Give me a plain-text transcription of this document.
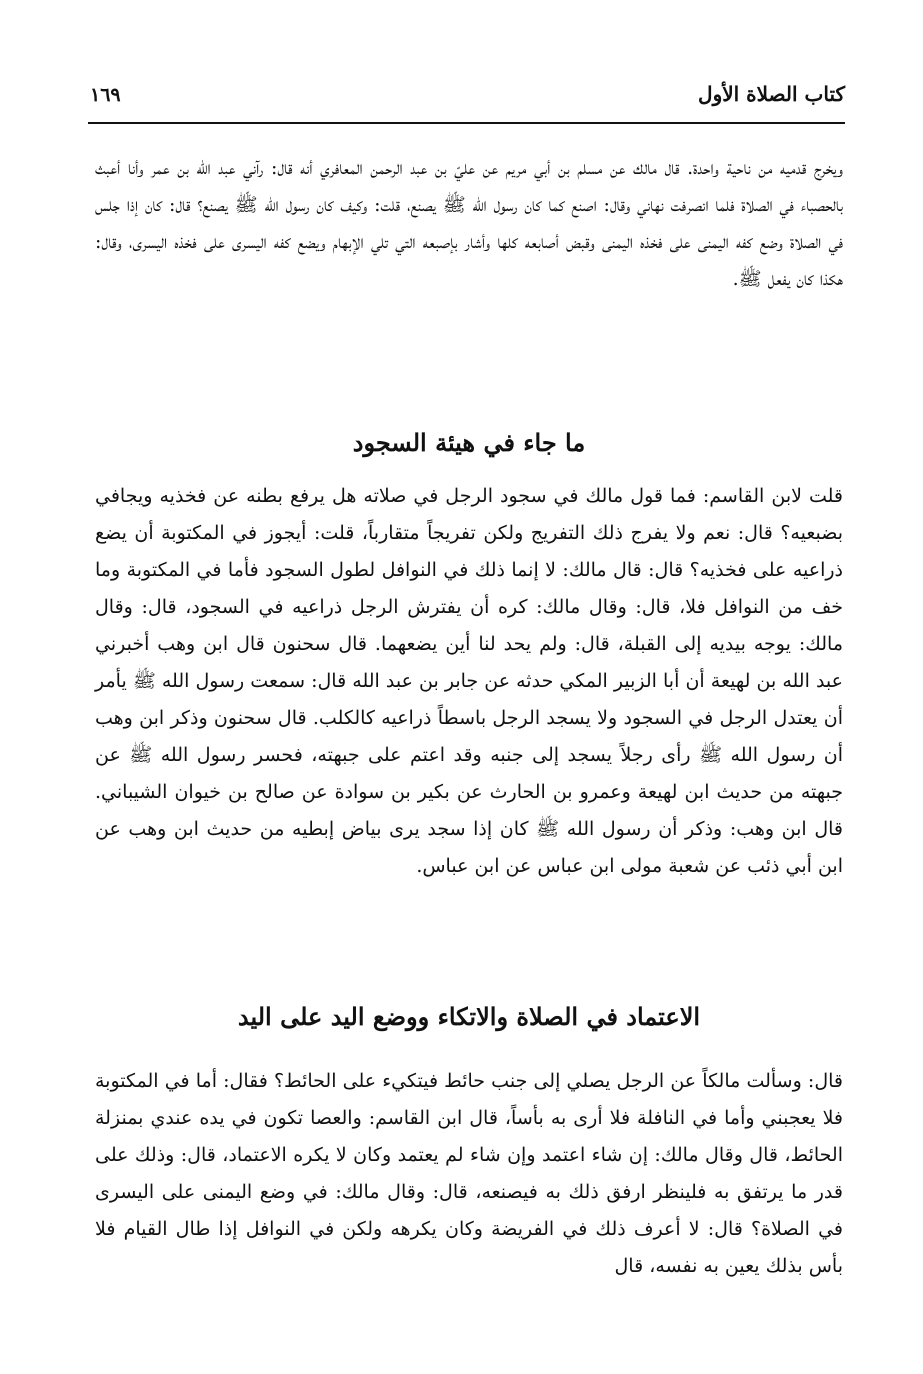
كتاب الصلاة الأول
١٦٩

ويخرج قدميه من ناحية واحدة. قال مالك عن مسلم بن أبي مريم عن عليّ بن عبد الرحمن المعافري أنه قال: رآني عبد الله بن عمر وأنا أعبث بالحصباء في الصلاة فلما انصرفت نهاني وقال: اصنع كما كان رسول الله ﷺ يصنع، قلت: وكيف كان رسول الله ﷺ يصنع؟ قال: كان إذا جلس في الصلاة وضع كفه اليمنى على فخذه اليمنى وقبض أصابعه كلها وأشار بإصبعه التي تلي الإبهام ويضع كفه اليسرى على فخذه اليسرى، وقال: هكذا كان يفعل ﷺ.

ما جاء في هيئة السجود

قلت لابن القاسم: فما قول مالك في سجود الرجل في صلاته هل يرفع بطنه عن فخذيه ويجافي بضبعيه؟ قال: نعم ولا يفرج ذلك التفريج ولكن تفريجاً متقارباً، قلت: أيجوز في المكتوبة أن يضع ذراعيه على فخذيه؟ قال: قال مالك: لا إنما ذلك في النوافل لطول السجود فأما في المكتوبة وما خف من النوافل فلا، قال: وقال مالك: كره أن يفترش الرجل ذراعيه في السجود، قال: وقال مالك: يوجه بيديه إلى القبلة، قال: ولم يحد لنا أين يضعهما. قال سحنون قال ابن وهب أخبرني عبد الله بن لهيعة أن أبا الزبير المكي حدثه عن جابر بن عبد الله قال: سمعت رسول الله ﷺ يأمر أن يعتدل الرجل في السجود ولا يسجد الرجل باسطاً ذراعيه كالكلب. قال سحنون وذكر ابن وهب أن رسول الله ﷺ رأى رجلاً يسجد إلى جنبه وقد اعتم على جبهته، فحسر رسول الله ﷺ عن جبهته من حديث ابن لهيعة وعمرو بن الحارث عن بكير بن سوادة عن صالح بن خيوان الشيباني. قال ابن وهب: وذكر أن رسول الله ﷺ كان إذا سجد يرى بياض إبطيه من حديث ابن وهب عن ابن أبي ذئب عن شعبة مولى ابن عباس عن ابن عباس.

الاعتماد في الصلاة والاتكاء ووضع اليد على اليد

قال: وسألت مالكاً عن الرجل يصلي إلى جنب حائط فيتكيء على الحائط؟ فقال: أما في المكتوبة فلا يعجبني وأما في النافلة فلا أرى به بأساً، قال ابن القاسم: والعصا تكون في يده عندي بمنزلة الحائط، قال وقال مالك: إن شاء اعتمد وإن شاء لم يعتمد وكان لا يكره الاعتماد، قال: وذلك على قدر ما يرتفق به فلينظر ارفق ذلك به فيصنعه، قال: وقال مالك: في وضع اليمنى على اليسرى في الصلاة؟ قال: لا أعرف ذلك في الفريضة وكان يكرهه ولكن في النوافل إذا طال القيام فلا بأس بذلك يعين به نفسه، قال
